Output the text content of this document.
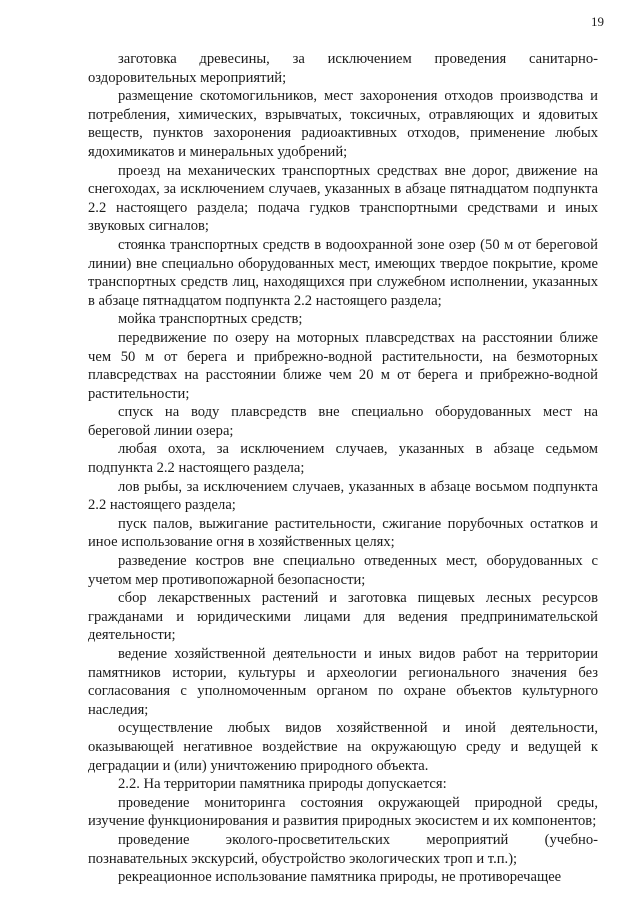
19

заготовка древесины, за исключением проведения санитарно-оздоровительных мероприятий;

размещение скотомогильников, мест захоронения отходов производства и потребления, химических, взрывчатых, токсичных, отравляющих и ядовитых веществ, пунктов захоронения радиоактивных отходов, применение любых ядохимикатов и минеральных удобрений;

проезд на механических транспортных средствах вне дорог, движение на снегоходах, за исключением случаев, указанных в абзаце пятнадцатом подпункта 2.2 настоящего раздела; подача гудков транспортными средствами и иных звуковых сигналов;

стоянка транспортных средств в водоохранной зоне озер (50 м от береговой линии) вне специально оборудованных мест, имеющих твердое покрытие, кроме транспортных средств лиц, находящихся при служебном исполнении, указанных в абзаце пятнадцатом подпункта 2.2 настоящего раздела;

мойка транспортных средств;

передвижение по озеру на моторных плавсредствах на расстоянии ближе чем 50 м от берега и прибрежно-водной растительности, на безмоторных плавсредствах на расстоянии ближе чем 20 м от берега и прибрежно-водной растительности;

спуск на воду плавсредств вне специально оборудованных мест на береговой линии озера;

любая охота, за исключением случаев, указанных в абзаце седьмом подпункта 2.2 настоящего раздела;

лов рыбы, за исключением случаев, указанных в абзаце восьмом подпункта 2.2 настоящего раздела;

пуск палов, выжигание растительности, сжигание порубочных остатков и иное использование огня в хозяйственных целях;

разведение костров вне специально отведенных мест, оборудованных с учетом мер противопожарной безопасности;

сбор лекарственных растений и заготовка пищевых лесных ресурсов гражданами и юридическими лицами для ведения предпринимательской деятельности;

ведение хозяйственной деятельности и иных видов работ на территории памятников истории, культуры и археологии регионального значения без согласования с уполномоченным органом по охране объектов культурного наследия;

осуществление любых видов хозяйственной и иной деятельности, оказывающей негативное воздействие на окружающую среду и ведущей к деградации и (или) уничтожению природного объекта.

2.2. На территории памятника природы допускается:

проведение мониторинга состояния окружающей природной среды, изучение функционирования и развития природных экосистем и их компонентов;

проведение эколого-просветительских мероприятий (учебно-познавательных экскурсий, обустройство экологических троп и т.п.);

рекреационное использование памятника природы, не противоречащее
